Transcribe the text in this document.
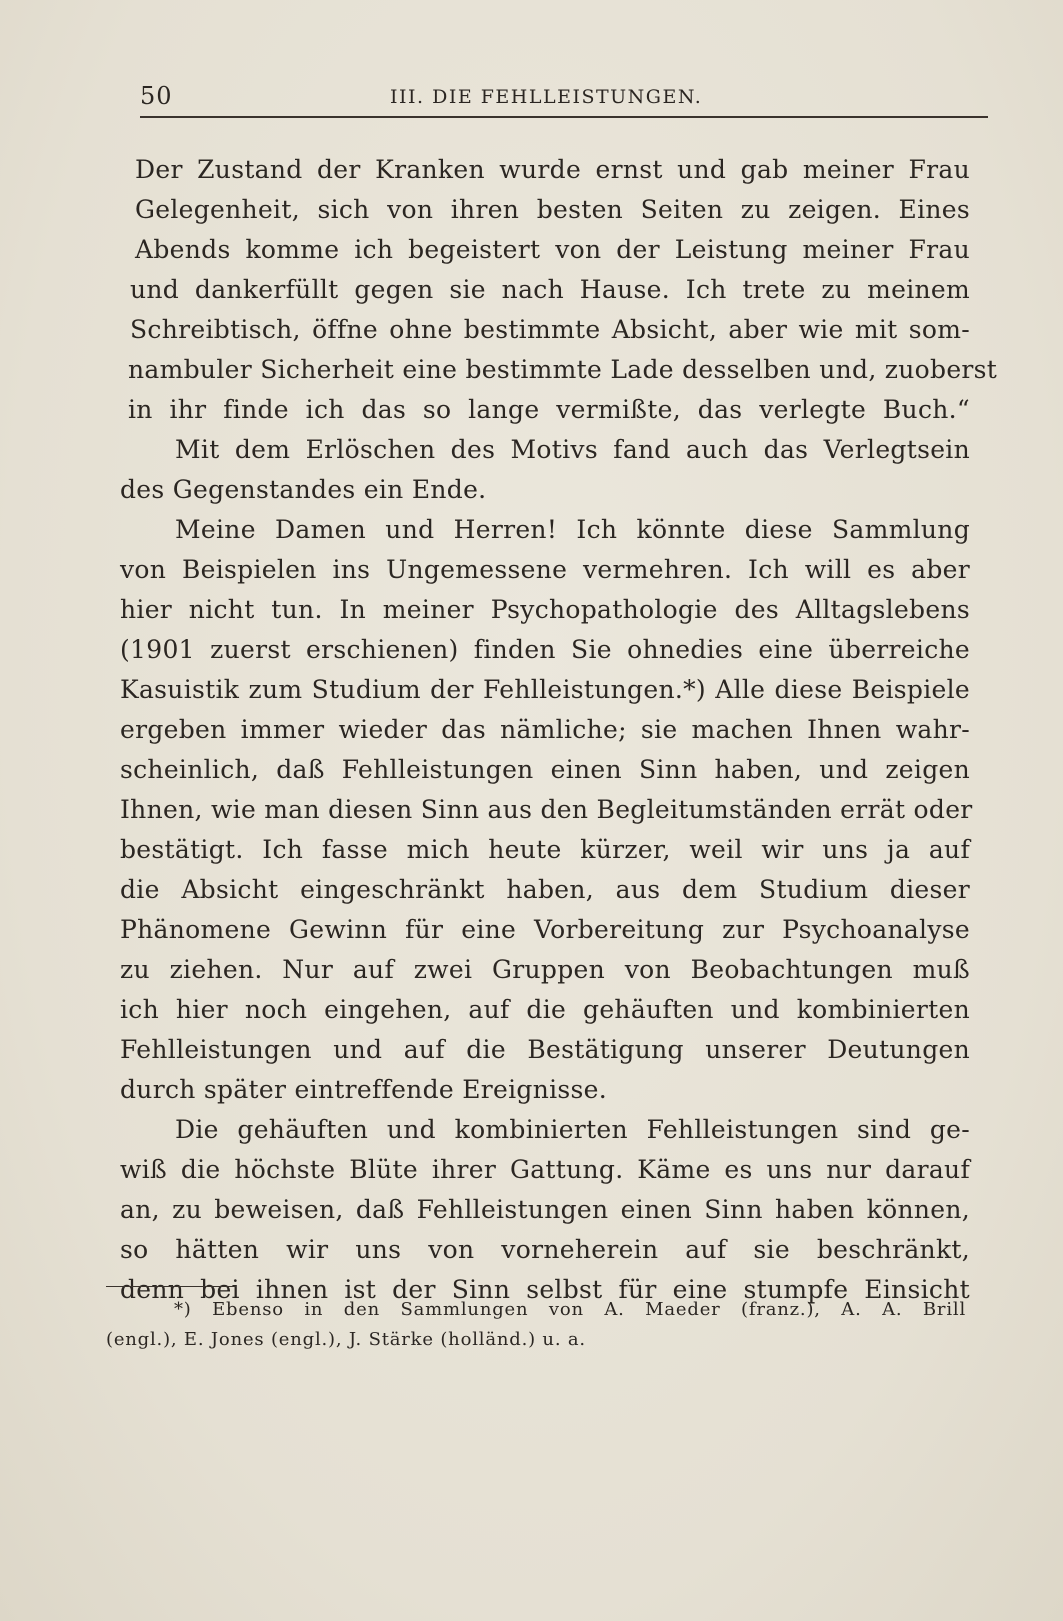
50	III. DIE FEHLLEISTUNGEN.
Der Zustand der Kranken wurde ernst und gab meiner Frau
Gelegenheit, sich von ihren besten Seiten zu zeigen. Eines
Abends komme ich begeistert von der Leistung meiner Frau
und dankerfüllt gegen sie nach Hause. Ich trete zu meinem
Schreibtisch, öffne ohne bestimmte Absicht, aber wie mit som-
nambuler Sicherheit eine bestimmte Lade desselben und, zuoberst
in ihr finde ich das so lange vermißte, das verlegte Buch.“
Mit dem Erlöschen des Motivs fand auch das Verlegtsein
des Gegenstandes ein Ende.
Meine Damen und Herren! Ich könnte diese Sammlung
von Beispielen ins Ungemessene vermehren. Ich will es aber
hier nicht tun. In meiner Psychopathologie des Alltagslebens
(1901 zuerst erschienen) finden Sie ohnedies eine überreiche
Kasuistik zum Studium der Fehlleistungen.*) Alle diese Beispiele
ergeben immer wieder das nämliche; sie machen Ihnen wahr-
scheinlich, daß Fehlleistungen einen Sinn haben, und zeigen
Ihnen, wie man diesen Sinn aus den Begleitumständen errät oder
bestätigt. Ich fasse mich heute kürzer, weil wir uns ja auf
die Absicht eingeschränkt haben, aus dem Studium dieser
Phänomene Gewinn für eine Vorbereitung zur Psychoanalyse
zu ziehen. Nur auf zwei Gruppen von Beobachtungen muß
ich hier noch eingehen, auf die gehäuften und kombinierten
Fehlleistungen und auf die Bestätigung unserer Deutungen
durch später eintreffende Ereignisse.
Die gehäuften und kombinierten Fehlleistungen sind ge-
wiß die höchste Blüte ihrer Gattung. Käme es uns nur darauf
an, zu beweisen, daß Fehlleistungen einen Sinn haben können,
so hätten wir uns von vorneherein auf sie beschränkt,
denn bei ihnen ist der Sinn selbst für eine stumpfe Einsicht
*) Ebenso in den Sammlungen von A. Maeder (franz.), A. A. Brill
(engl.), E. Jones (engl.), J. Stärke (holländ.) u. a.
